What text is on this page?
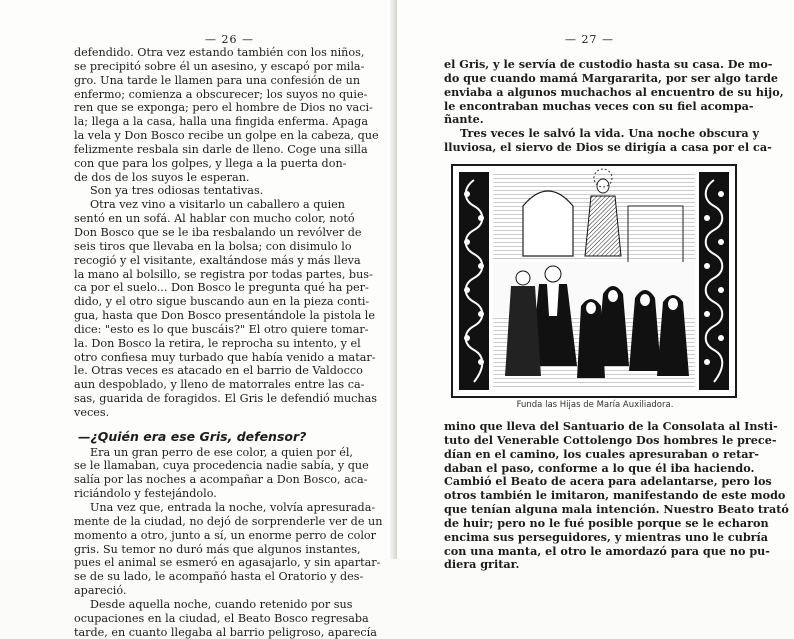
— 26 —
defendido. Otra vez estando también con los niños,
se precipitó sobre él un asesino, y escapó por mila-
gro. Una tarde le llamen para una confesión de un
enfermo; comienza a obscurecer; los suyos no quie-
ren que se exponga; pero el hombre de Dios no vaci-
la; llega a la casa, halla una fingida enferma. Apaga
la vela y Don Bosco recibe un golpe en la cabeza, que
felizmente resbala sin darle de lleno. Coge una silla
con que para los golpes, y llega a la puerta don-
de dos de los suyos le esperan.
Son ya tres odiosas tentativas.
Otra vez vino a visitarlo un caballero a quien
sentó en un sofá. Al hablar con mucho color, notó
Don Bosco que se le iba resbalando un revólver de
seis tiros que llevaba en la bolsa; con disimulo lo
recogió y el visitante, exaltándose más y más lleva
la mano al bolsillo, se registra por todas partes, bus-
ca por el suelo... Don Bosco le pregunta qué ha per-
dido, y el otro sigue buscando aun en la pieza conti-
gua, hasta que Don Bosco presentándole la pistola le
dice: "esto es lo que buscáis?" El otro quiere tomar-
la. Don Bosco la retira, le reprocha su intento, y el
otro confiesa muy turbado que había venido a matar-
le. Otras veces es atacado en el barrio de Valdocco
aun despoblado, y lleno de matorrales entre las ca-
sas, guarida de foragidos. El Gris le defendió muchas
veces.
—¿Quién era ese Gris, defensor?
Era un gran perro de ese color, a quien por él,
se le llamaban, cuya procedencia nadie sabía, y que
salía por las noches a acompañar a Don Bosco, aca-
riciándolo y festejándolo.
Una vez que, entrada la noche, volvía apresurada-
mente de la ciudad, no dejó de sorprenderle ver de un
momento a otro, junto a sí, un enorme perro de color
gris. Su temor no duró más que algunos instantes,
pues el animal se esmeró en agasajarlo, y sin apartar-
se de su lado, le acompañó hasta el Oratorio y des-
apareció.
Desde aquella noche, cuando retenido por sus
ocupaciones en la ciudad, el Beato Bosco regresaba
tarde, en cuanto llegaba al barrio peligroso, aparecía
— 27 —
el Gris, y le servía de custodio hasta su casa. De mo-
do que cuando mamá Margararita, por ser algo tarde
enviaba a algunos muchachos al encuentro de su hijo,
le encontraban muchas veces con su fiel acompa-
ñante.
Tres veces le salvó la vida. Una noche obscura y
lluviosa, el siervo de Dios se dirigía a casa por el ca-
mino que lleva del Santuario de la Consolata al Insti-
tuto del Venerable Cottolengo Dos hombres le prece-
dían en el camino, los cuales apresuraban o retar-
daban el paso, conforme a lo que él iba haciendo.
Cambió el Beato de acera para adelantarse, pero los
otros también le imitaron, manifestando de este modo
que tenían alguna mala intención. Nuestro Beato trató
de huir; pero no le fué posible porque se le echaron
encima sus perseguidores, y mientras uno le cubría
con una manta, el otro le amordazó para que no pu-
diera gritar.
Funda las Hijas de María Auxiliadora.
